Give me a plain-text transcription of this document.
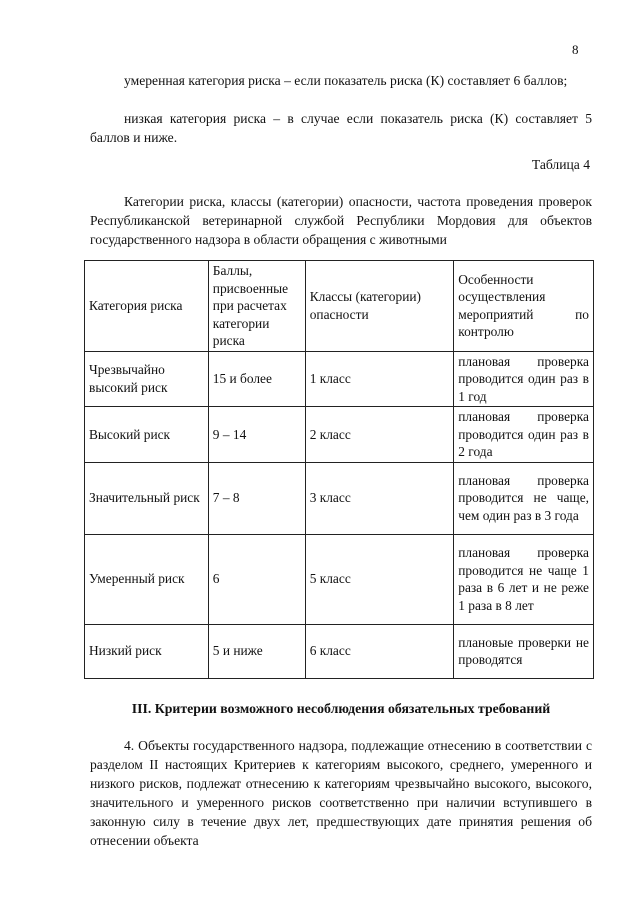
8
умеренная категория риска – если показатель риска (К) составляет 6 баллов;
низкая категория риска – в случае если показатель риска (К) составляет 5 баллов и ниже.
Таблица 4
Категории риска, классы (категории) опасности, частота проведения проверок Республиканской ветеринарной службой Республики Мордовия для объектов государственного надзора в области обращения с животными
Категория риска	Баллы, присвоенные при расчетах категории риска	Классы (категории) опасности	Особенности осуществления мероприятий по контролю
Чрезвычайно высокий риск	15 и более	1 класс	плановая проверка проводится один раз в 1 год
Высокий риск	9 – 14	2 класс	плановая проверка проводится один раз в 2 года
Значительный риск	7 – 8	3 класс	плановая проверка проводится не чаще, чем один раз в 3 года
Умеренный риск	6	5 класс	плановая проверка проводится не чаще 1 раза в 6 лет и не реже 1 раза в 8 лет
Низкий риск	5 и ниже	6 класс	плановые проверки не проводятся
III. Критерии возможного несоблюдения обязательных требований
4. Объекты государственного надзора, подлежащие отнесению в соответствии с разделом II настоящих Критериев к категориям высокого, среднего, умеренного и низкого рисков, подлежат отнесению к категориям чрезвычайно высокого, высокого, значительного и умеренного рисков соответственно при наличии вступившего в законную силу в течение двух лет, предшествующих дате принятия решения об отнесении объекта
